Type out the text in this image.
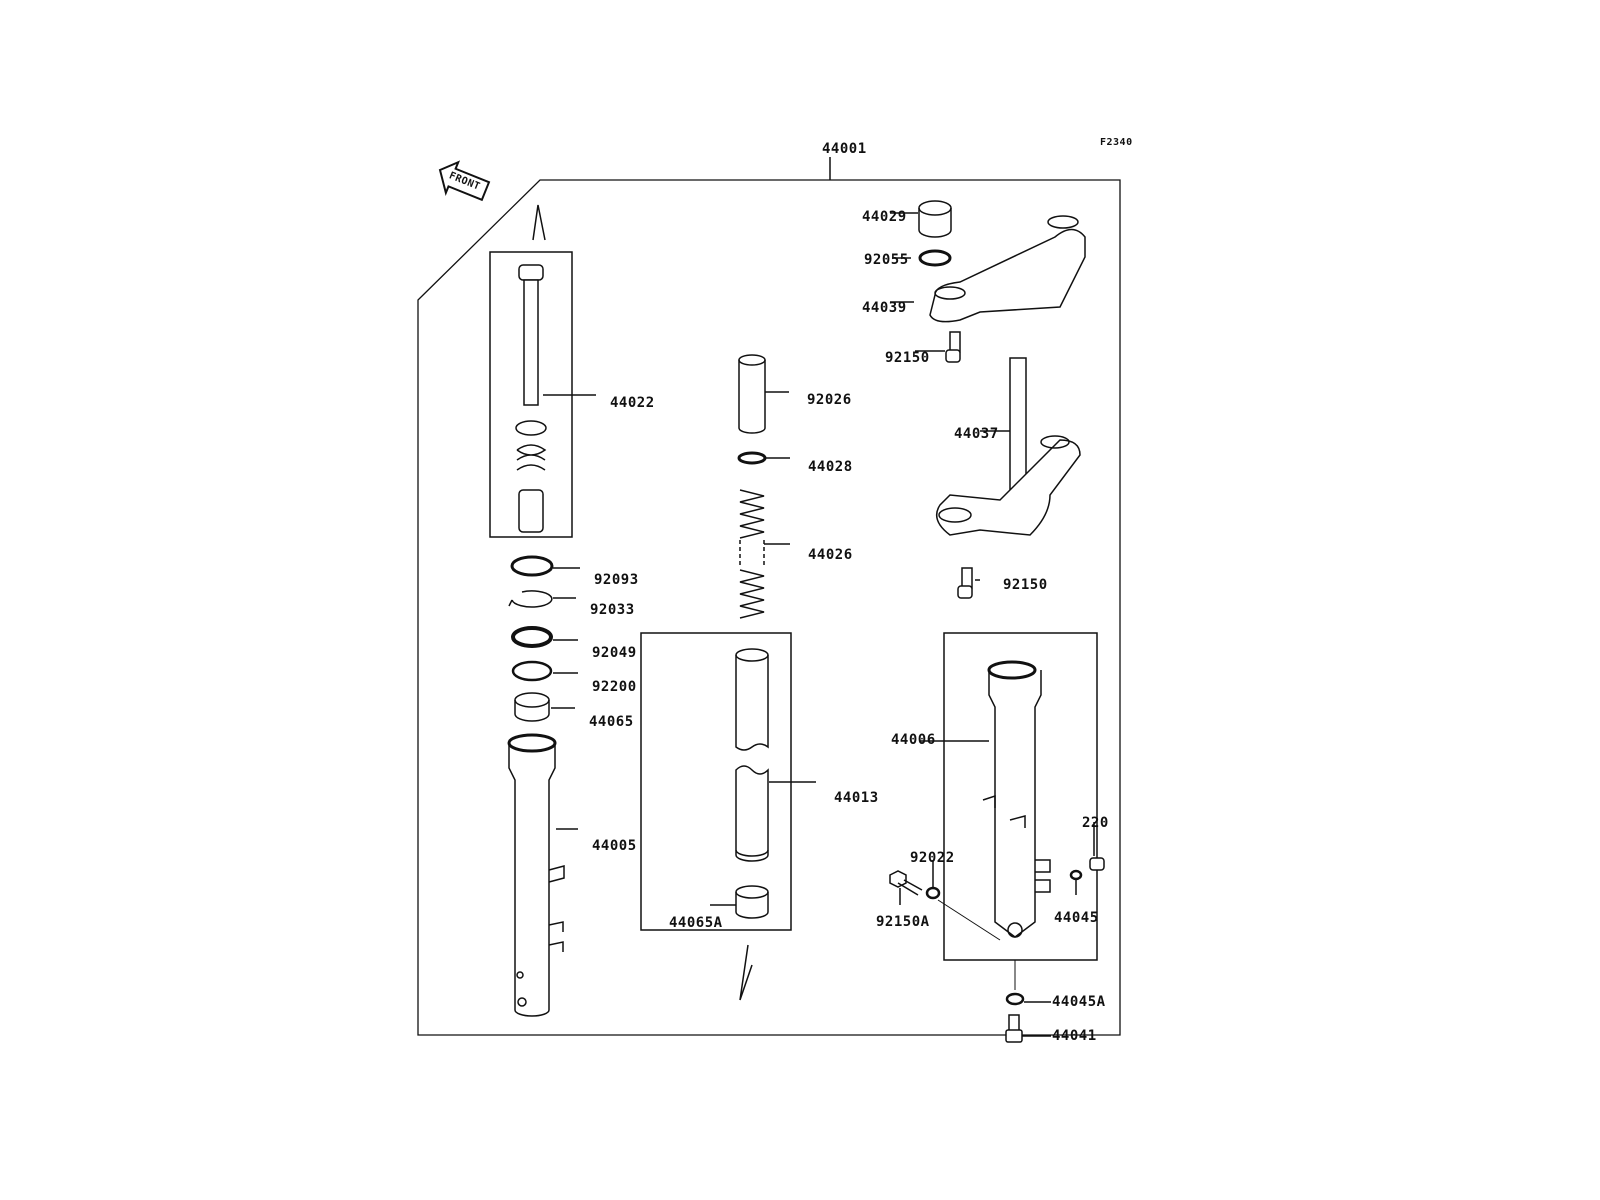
44001	F2340
FRONT
44029
92055
44039
92150
44037
92150
44022	92026
44028
44026
92093
92033
92049
92200
44065
44005
44013
44065A
44006
220
92022
92150A	44045
44045A
44041
